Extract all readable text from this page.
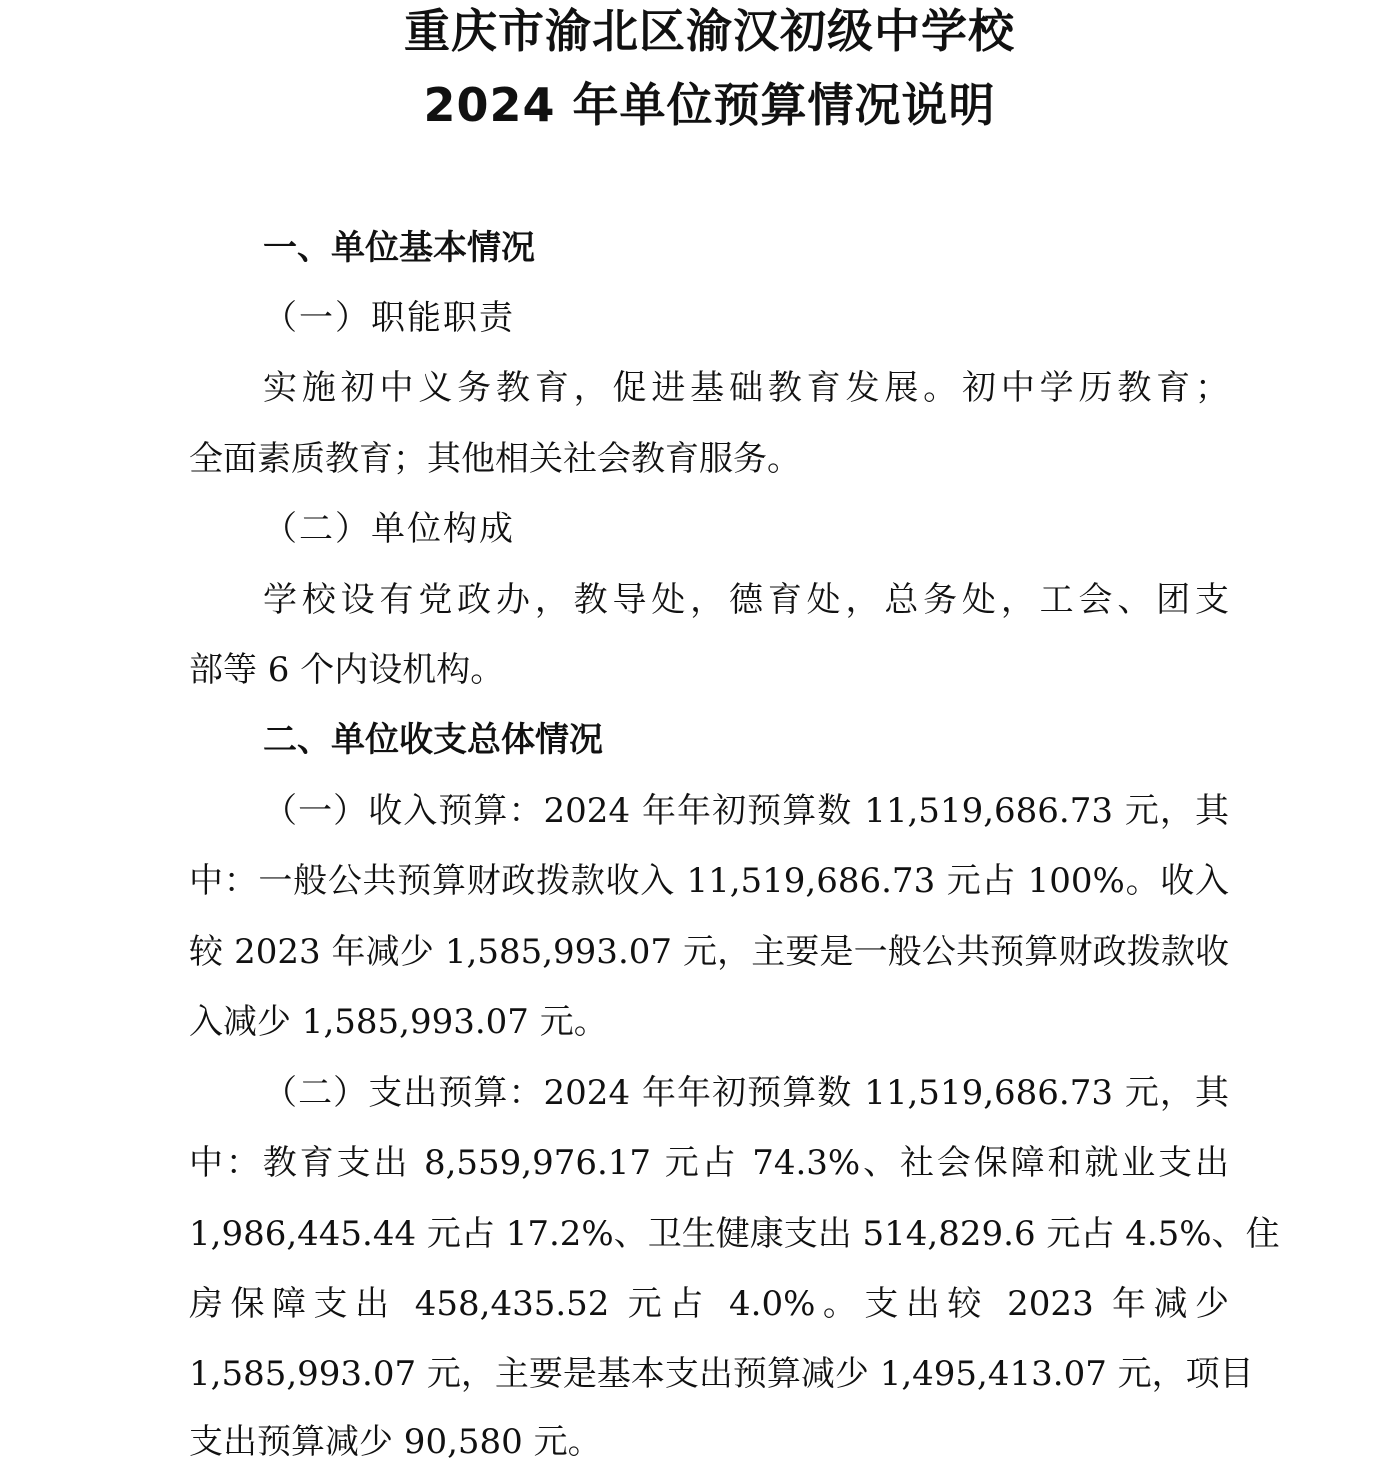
重庆市渝北区渝汉初级中学校
2024 年单位预算情况说明

一、单位基本情况

（一）职能职责

实施初中义务教育，促进基础教育发展。初中学历教育；

全面素质教育；其他相关社会教育服务。

（二）单位构成

学校设有党政办，教导处，德育处，总务处，工会、团支

部等 6 个内设机构。

二、单位收支总体情况

（一）收入预算：2024 年年初预算数 11,519,686.73 元，其

中：一般公共预算财政拨款收入 11,519,686.73 元占 100%。收入

较 2023 年减少 1,585,993.07 元，主要是一般公共预算财政拨款收

入减少 1,585,993.07 元。

（二）支出预算：2024 年年初预算数 11,519,686.73 元，其

中：教育支出 8,559,976.17 元占 74.3%、社会保障和就业支出

1,986,445.44 元占 17.2%、卫生健康支出 514,829.6 元占 4.5%、住

房保障支出 458,435.52 元占 4.0%。支出较 2023 年减少

1,585,993.07 元，主要是基本支出预算减少 1,495,413.07 元，项目

支出预算减少 90,580 元。
